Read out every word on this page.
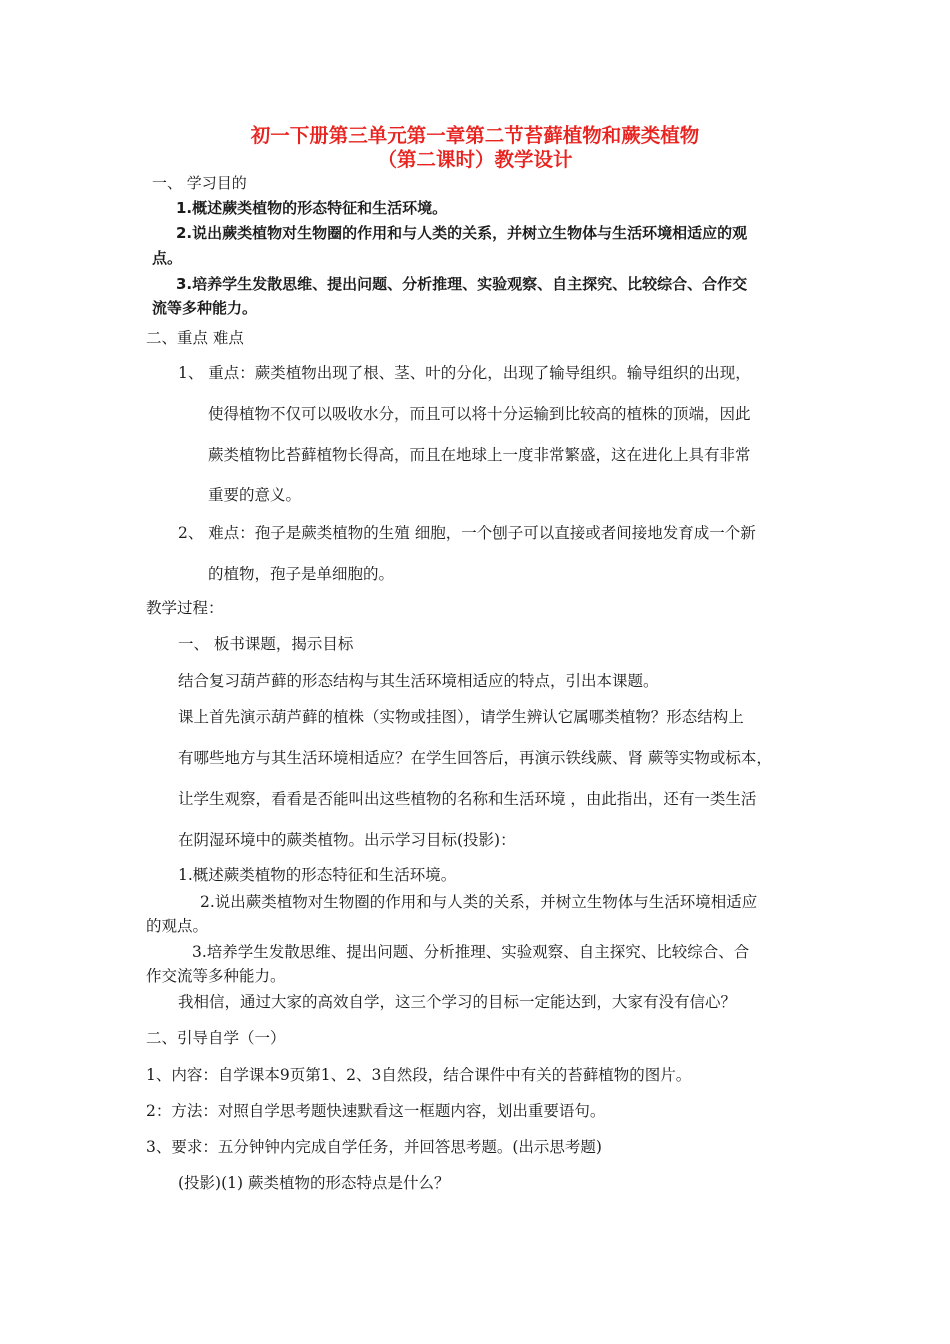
初一下册第三单元第一章第二节苔藓植物和蕨类植物
（第二课时）教学设计
一、 学习目的
1.概述蕨类植物的形态特征和生活环境。
2.说出蕨类植物对生物圈的作用和与人类的关系，并树立生物体与生活环境相适应的观
点。
3.培养学生发散思维、提出问题、分析推理、实验观察、自主探究、比较综合、合作交
流等多种能力。
二、重点 难点
1、 重点：蕨类植物出现了根、茎、叶的分化，出现了输导组织。输导组织的出现，
使得植物不仅可以吸收水分，而且可以将十分运输到比较高的植株的顶端，因此
蕨类植物比苔藓植物长得高，而且在地球上一度非常繁盛，这在进化上具有非常
重要的意义。
2、 难点：孢子是蕨类植物的生殖 细胞，一个刨子可以直接或者间接地发育成一个新
的植物，孢子是单细胞的。
教学过程：
一、 板书课题，揭示目标
结合复习葫芦藓的形态结构与其生活环境相适应的特点，引出本课题。
课上首先演示葫芦藓的植株（实物或挂图），请学生辨认它属哪类植物？形态结构上
有哪些地方与其生活环境相适应？在学生回答后，再演示铁线蕨、肾 蕨等实物或标本，
让学生观察，看看是否能叫出这些植物的名称和生活环境 ，由此指出，还有一类生活
在阴湿环境中的蕨类植物。出示学习目标(投影)：
1.概述蕨类植物的形态特征和生活环境。
2.说出蕨类植物对生物圈的作用和与人类的关系，并树立生物体与生活环境相适应
的观点。
3.培养学生发散思维、提出问题、分析推理、实验观察、自主探究、比较综合、合
作交流等多种能力。
我相信，通过大家的高效自学，这三个学习的目标一定能达到，大家有没有信心？
二、引导自学（一）
1、内容：自学课本9页第1、2、3自然段，结合课件中有关的苔藓植物的图片。
2：方法：对照自学思考题快速默看这一框题内容，划出重要语句。
3、要求：五分钟钟内完成自学任务，并回答思考题。(出示思考题)
(投影)(1) 蕨类植物的形态特点是什么？
